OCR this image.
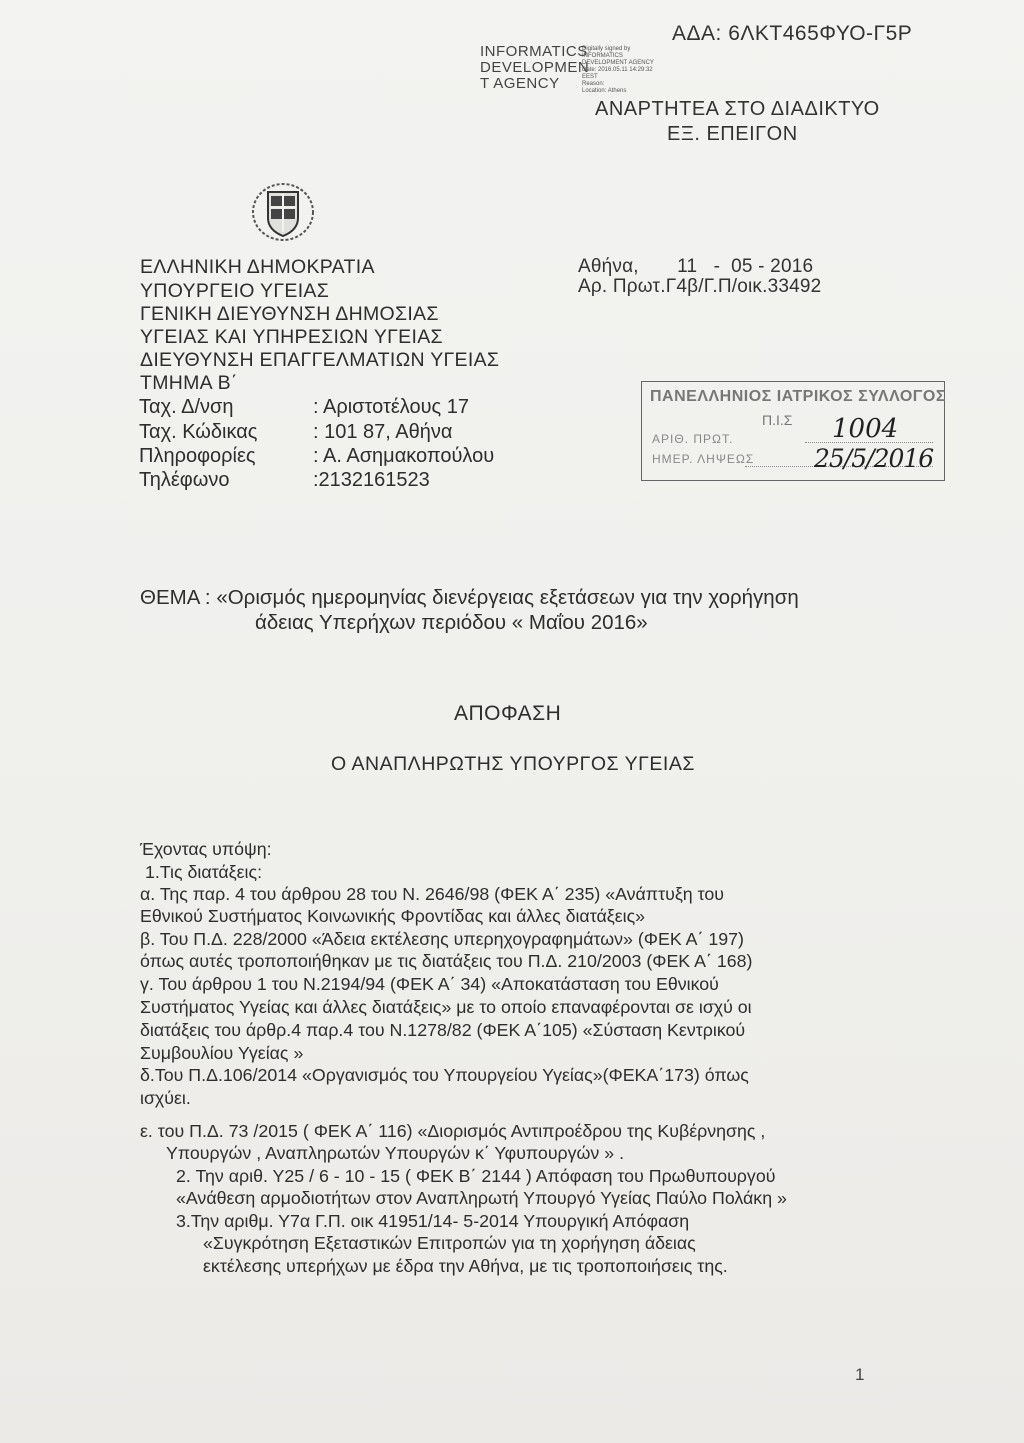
INFORMATICS
DEVELOPMEN
T AGENCY
Digitally signed by
INFORMATICS
DEVELOPMENT AGENCY
Date: 2016.05.11 14:29:32
EEST
Reason:
Location: Athens
ΑΔΑ: 6ΛΚΤ465ΦΥΟ-Γ5Ρ
ΑΝΑΡΤΗΤΕΑ ΣΤΟ ΔΙΑΔΙΚΤΥΟ
ΕΞ. ΕΠΕΙΓΟΝ
ΕΛΛΗΝΙΚΗ ΔΗΜΟΚΡΑΤΙΑ
ΥΠΟΥΡΓΕΙΟ ΥΓΕΙΑΣ
ΓΕΝΙΚΗ ΔΙΕΥΘΥΝΣΗ ΔΗΜΟΣΙΑΣ
ΥΓΕΙΑΣ ΚΑΙ ΥΠΗΡΕΣΙΩΝ ΥΓΕΙΑΣ
ΔΙΕΥΘΥΝΣΗ ΕΠΑΓΓΕΛΜΑΤΙΩΝ ΥΓΕΙΑΣ
ΤΜΗΜΑ Β΄
Ταχ. Δ/νση	: Αριστοτέλους 17
Ταχ. Κώδικας	: 101 87, Αθήνα
Πληροφορίες	: Α. Ασημακοπούλου
Τηλέφωνο	:2132161523
Αθήνα,       11   -  05 - 2016
Αρ. Πρωτ.Γ4β/Γ.Π/οικ.33492
ΠΑΝΕΛΛΗΝΙΟΣ ΙΑΤΡΙΚΟΣ ΣΥΛΛΟΓΟΣ
Π.Ι.Σ
ΑΡΙΘ. ΠΡΩΤ.	1004
ΗΜΕΡ. ΛΗΨΕΩΣ 25/5/2016
ΘΕΜΑ : «Ορισμός ημερομηνίας διενέργειας εξετάσεων για την χορήγηση
άδειας Υπερήχων περιόδου « Μαΐου 2016»
ΑΠΟΦΑΣΗ
Ο ΑΝΑΠΛΗΡΩΤΗΣ ΥΠΟΥΡΓΟΣ ΥΓΕΙΑΣ
Έχοντας υπόψη:
1.Τις διατάξεις:
α. Της παρ. 4 του άρθρου 28 του Ν. 2646/98 (ΦΕΚ Α΄ 235) «Ανάπτυξη του
Εθνικού Συστήματος Κοινωνικής Φροντίδας και άλλες διατάξεις»
β. Του Π.Δ. 228/2000 «Άδεια εκτέλεσης υπερηχογραφημάτων» (ΦΕΚ Α΄ 197)
όπως αυτές τροποποιήθηκαν με τις διατάξεις του Π.Δ. 210/2003 (ΦΕΚ Α΄ 168)
γ. Του άρθρου 1 του Ν.2194/94 (ΦΕΚ Α΄ 34) «Αποκατάσταση του Εθνικού
Συστήματος Υγείας και άλλες διατάξεις» με το οποίο επαναφέρονται σε ισχύ οι
διατάξεις του άρθρ.4 παρ.4 του Ν.1278/82 (ΦΕΚ Α΄105) «Σύσταση Κεντρικού
Συμβουλίου Υγείας »
δ.Του Π.Δ.106/2014 «Οργανισμός του Υπουργείου Υγείας»(ΦΕΚΑ΄173) όπως
ισχύει.
ε. του Π.Δ. 73 /2015 ( ΦΕΚ Α΄ 116) «Διορισμός Αντιπροέδρου της Κυβέρνησης ,
Υπουργών , Αναπληρωτών Υπουργών κ΄ Υφυπουργών » .
2. Την αριθ. Υ25 / 6 - 10 - 15 ( ΦΕΚ Β΄ 2144 ) Απόφαση του Πρωθυπουργού
«Ανάθεση αρμοδιοτήτων στον Αναπληρωτή Υπουργό Υγείας Παύλο Πολάκη »
3.Την αριθμ. Υ7α Γ.Π. οικ 41951/14- 5-2014 Υπουργική Απόφαση
«Συγκρότηση Εξεταστικών Επιτροπών για τη χορήγηση άδειας
εκτέλεσης υπερήχων με έδρα την Αθήνα, με τις τροποποιήσεις της.
1
